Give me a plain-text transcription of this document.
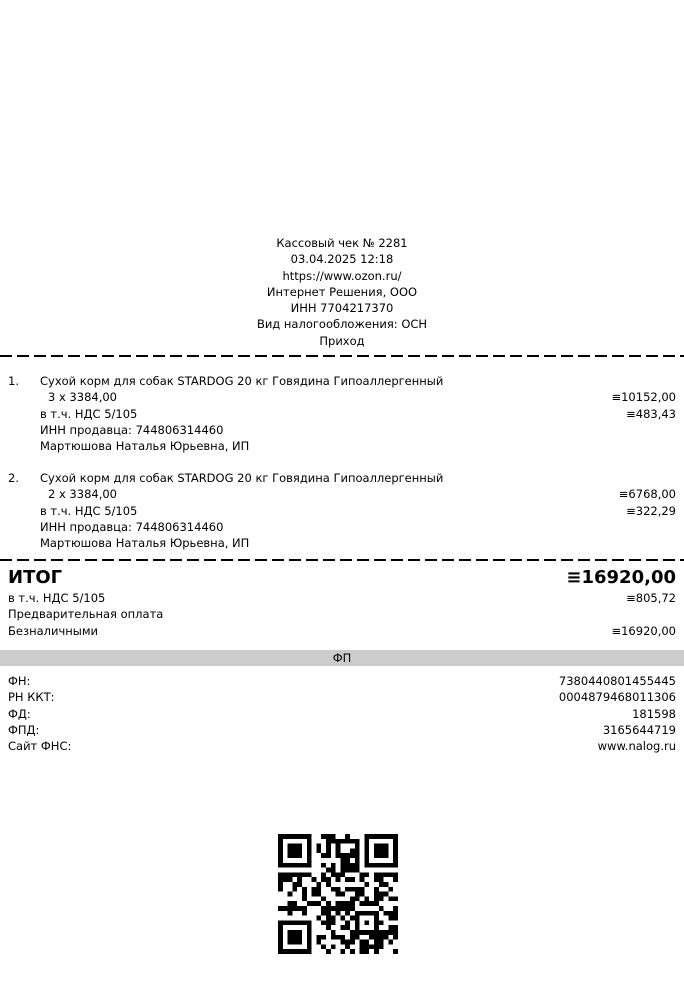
Кассовый чек № 2281
03.04.2025 12:18
https://www.ozon.ru/
Интернет Решения, ООО
ИНН 7704217370
Вид налогообложения: ОСН
Приход
1. Сухой корм для собак STARDOG 20 кг Говядина Гипоаллергенный
3 x 3384,00	≡10152,00
в т.ч. НДС 5/105	≡483,43
ИНН продавца: 744806314460
Мартюшова Наталья Юрьевна, ИП
2. Сухой корм для собак STARDOG 20 кг Говядина Гипоаллергенный
2 x 3384,00	≡6768,00
в т.ч. НДС 5/105	≡322,29
ИНН продавца: 744806314460
Мартюшова Наталья Юрьевна, ИП
ИТОГ	≡16920,00
в т.ч. НДС 5/105	≡805,72
Предварительная оплата
Безналичными	≡16920,00
ФП
ФН:	7380440801455445
РН ККТ:	0004879468011306
ФД:	181598
ФПД:	3165644719
Сайт ФНС:	www.nalog.ru
